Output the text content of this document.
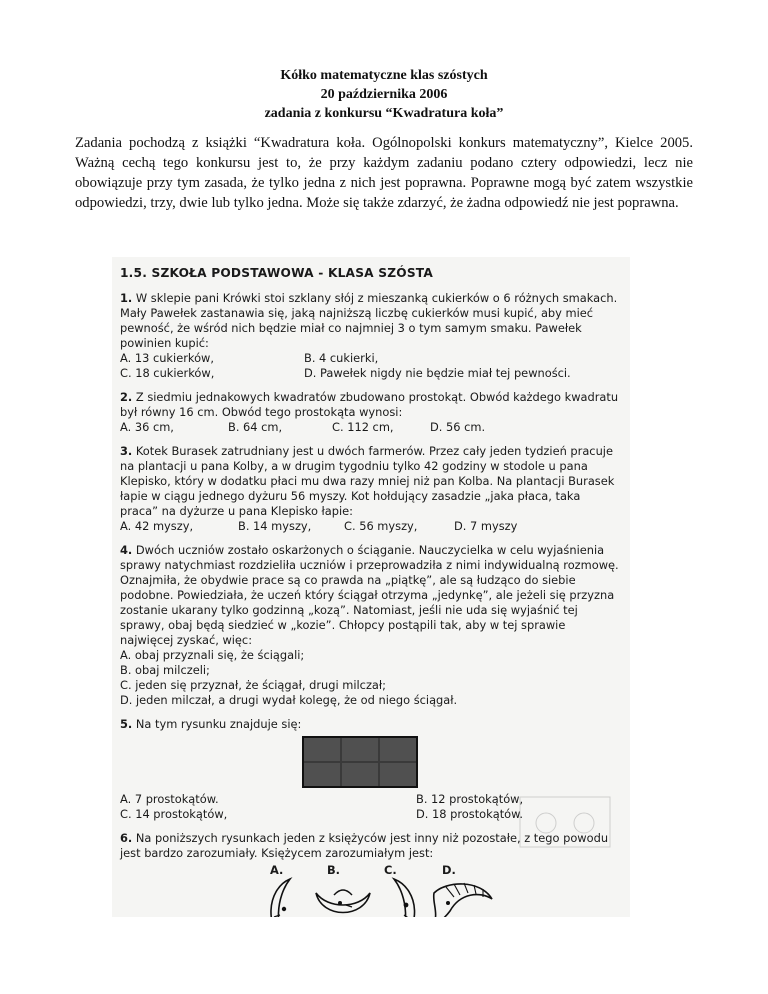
Kółko matematyczne klas szóstych
20 października 2006
zadania z konkursu “Kwadratura koła”

Zadania pochodzą z książki “Kwadratura koła. Ogólnopolski konkurs matematyczny”, Kielce 2005. Ważną cechą tego konkursu jest to, że przy każdym zadaniu podano cztery odpowiedzi, lecz nie obowiązuje przy tym zasada, że tylko jedna z nich jest poprawna. Poprawne mogą być zatem wszystkie odpowiedzi, trzy, dwie lub tylko jedna. Może się także zdarzyć, że żadna odpowiedź nie jest poprawna.

1.5. SZKOŁA PODSTAWOWA - KLASA SZÓSTA
1. W sklepie pani Krówki stoi szklany słój z mieszanką cukierków o 6 różnych smakach. Mały Pawełek zastanawia się, jaką najniższą liczbę cukierków musi kupić, aby mieć pewność, że wśród nich będzie miał co najmniej 3 o tym samym smaku. Pawełek powinien kupić:
A. 13 cukierków,	B. 4 cukierki,
C. 18 cukierków,	D. Pawełek nigdy nie będzie miał tej pewności.
2. Z siedmiu jednakowych kwadratów zbudowano prostokąt. Obwód każdego kwadratu był równy 16 cm. Obwód tego prostokąta wynosi:
A. 36 cm,	B. 64 cm,	C. 112 cm,	D. 56 cm.
3. Kotek Burasek zatrudniany jest u dwóch farmerów. Przez cały jeden tydzień pracuje na plantacji u pana Kolby, a w drugim tygodniu tylko 42 godziny w stodole u pana Klepisko, który w dodatku płaci mu dwa razy mniej niż pan Kolba. Na plantacji Burasek łapie w ciągu jednego dyżuru 56 myszy. Kot hołdujący zasadzie „jaka płaca, taka praca” na dyżurze u pana Klepisko łapie:
A. 42 myszy,	B. 14 myszy,	C. 56 myszy,	D. 7 myszy
4. Dwóch uczniów zostało oskarżonych o ściąganie. Nauczycielka w celu wyjaśnienia sprawy natychmiast rozdzieliła uczniów i przeprowadziła z nimi indywidualną rozmowę. Oznajmiła, że obydwie prace są co prawda na „piątkę”, ale są łudząco do siebie podobne. Powiedziała, że uczeń który ściągał otrzyma „jedynkę”, ale jeżeli się przyzna zostanie ukarany tylko godzinną „kozą”. Natomiast, jeśli nie uda się wyjaśnić tej sprawy, obaj będą siedzieć w „kozie”. Chłopcy postąpili tak, aby w tej sprawie najwięcej zyskać, więc:
A. obaj przyznali się, że ściągali;
B. obaj milczeli;
C. jeden się przyznał, że ściągał, drugi milczał;
D. jeden milczał, a drugi wydał kolegę, że od niego ściągał.
5. Na tym rysunku znajduje się:
A. 7 prostokątów.	B. 12 prostokątów,
C. 14 prostokątów,	D. 18 prostokątów.
6. Na poniższych rysunkach jeden z księżyców jest inny niż pozostałe, z tego powodu jest bardzo zarozumiały. Księżycem zarozumiałym jest:
A.	B.	C.	D.
